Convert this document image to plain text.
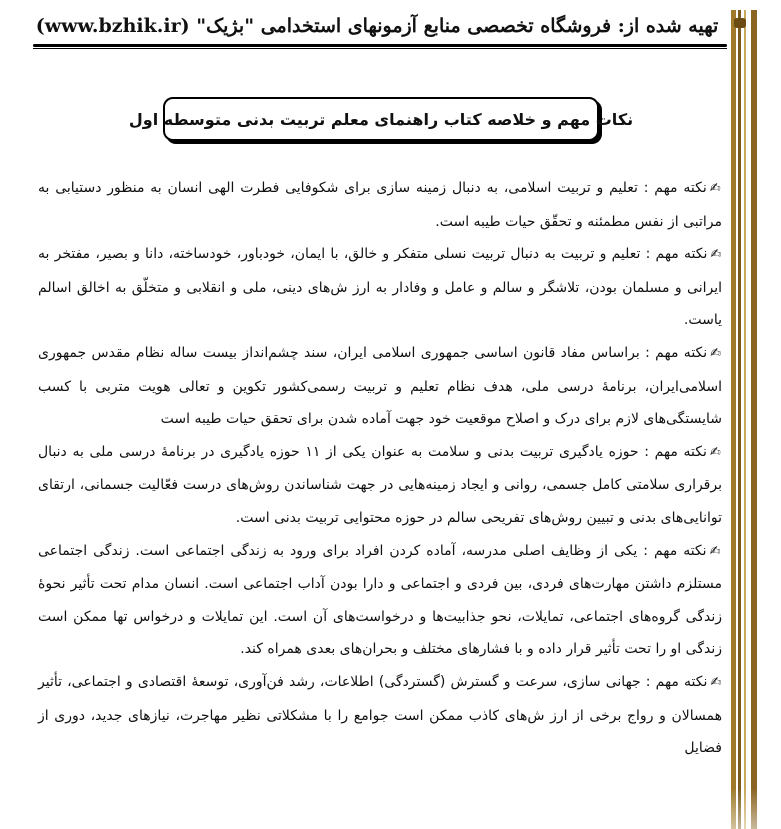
تهیه شده از: فروشگاه تخصصی منابع آزمونهای استخدامی "بژیک" (www.bzhik.ir)
نکات مهم و خلاصه کتاب راهنمای معلم تربیت بدنی متوسطه اول

✍نکته مهم : تعلیم و تربیت اسلامی، به دنبال زمینه سازی برای شکوفایی فطرت الهی انسان به منظور دستیابی به مراتبی از نفس مطمئنه و تحقّق حیات طیبه است.

✍نکته مهم : تعلیم و تربیت به دنبال تربیت نسلی متفکر و خالق، با ایمان، خودباور، خودساخته، دانا و بصیر، مفتخر به ایرانی و مسلمان بودن، تلاشگر و سالم و عامل و وفادار به ارز ش‌های دینی، ملی و انقلابی و متخلّق به اخالق اسالم یاست.

✍نکته مهم : براساس مفاد قانون اساسی جمهوری اسلامی ایران، سند چشم‌انداز بیست ساله نظام مقدس جمهوری اسلامی‌ایران، برنامۀ درسی ملی، هدف نظام تعلیم و تربیت رسمی‌کشور تکوین و تعالی هویت متربی با کسب شایستگی‌های لازم برای درک و اصلاح موقعیت خود جهت آماده شدن برای تحقق حیات طیبه است

✍نکته مهم : حوزه یادگیری تربیت بدنی و سلامت به عنوان یکی از ۱۱ حوزه یادگیری در برنامۀ درسی ملی به دنبال برقراری سلامتی کامل جسمی، روانی و ایجاد زمینه‌هایی در جهت شناساندن روش‌های درست فعّالیت جسمانی، ارتقای توانایی‌های بدنی و تبیین روش‌های تفریحی سالم در حوزه محتوایی تربیت بدنی است.

✍نکته مهم : یکی از وظایف اصلی مدرسه، آماده کردن افراد برای ورود به زندگی اجتماعی است. زندگی اجتماعی مستلزم داشتن مهارت‌های فردی، بین فردی و اجتماعی و دارا بودن آداب اجتماعی است. انسان مدام تحت تأثیر نحوۀ زندگی گروه‌های اجتماعی، تمایلات، نحو جذابیت‌ها و درخواست‌های آن است. این تمایلات و درخواس تها ممکن است زندگی او را تحت تأثیر قرار داده و با فشارهای مختلف و بحران‌های بعدی همراه کند.

✍نکته مهم : جهانی سازی، سرعت و گسترش (گستردگی) اطلاعات، رشد فن‌آوری، توسعۀ اقتصادی و اجتماعی، تأثیر همسالان و رواج برخی از ارز ش‌های کاذب ممکن است جوامع را با مشکلاتی نظیر مهاجرت، نیازهای جدید، دوری از فضایل
